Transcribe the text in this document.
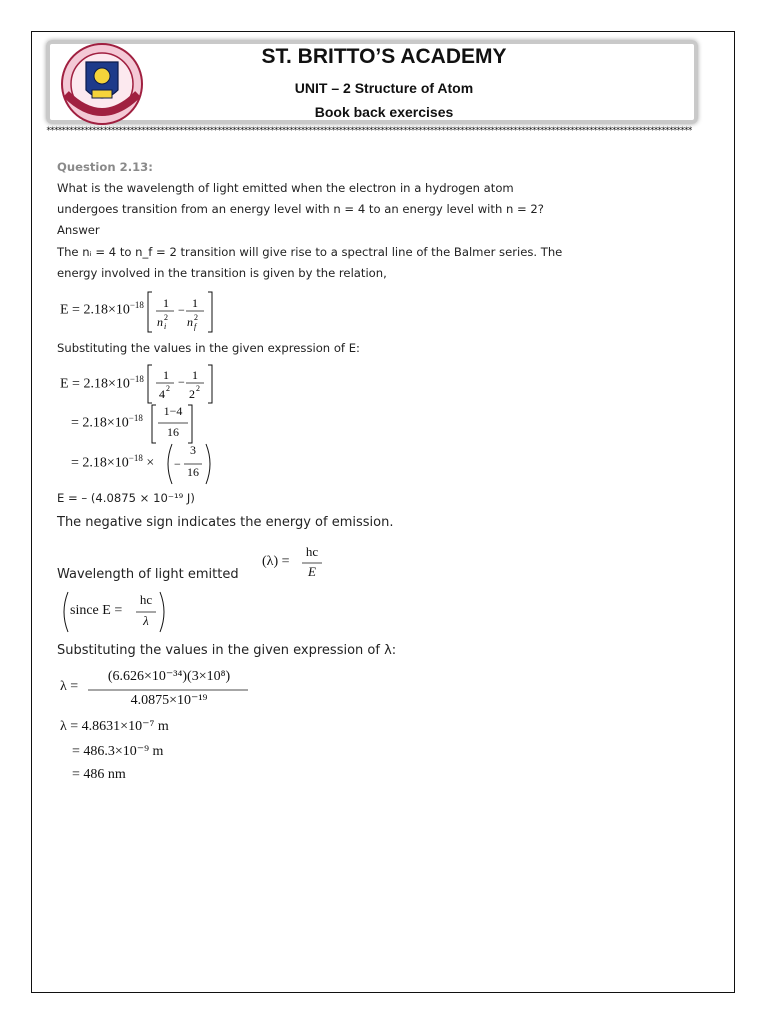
ST. BRITTO’S ACADEMY
UNIT – 2 Structure of Atom
Book back exercises
**************************************************************************************************************************************************************************
Question 2.13:
What is the wavelength of light emitted when the electron in a hydrogen atom
undergoes transition from an energy level with n = 4 to an energy level with n = 2?
Answer
The nᵢ = 4 to n_f = 2 transition will give rise to a spectral line of the Balmer series. The
energy involved in the transition is given by the relation,
$E = 2.18\times 10^{-18}$ 1
n 2
i
− 1
n 2
f
Substituting the values in the given expression of E:
$E = 2.18\times 10^{-18}$ 1
4 2 − 1
2 2
= $2.18\times 10^{-18}$	1−4
16
= $2.18\times 10^{-18}$ × −
3
16
E = – (4.0875 × 10⁻¹⁹ J)
The negative sign indicates the energy of emission.
(λ) =
hc
E
Wavelength of light emitted
since E =
hc
λ
Substituting the values in the given expression of λ:
λ =
(6.626×10⁻³⁴)(3×10⁸)
4.0875×10⁻¹⁹
λ = 4.8631×10⁻⁷ m
= 486.3×10⁻⁹ m
= 486 nm
